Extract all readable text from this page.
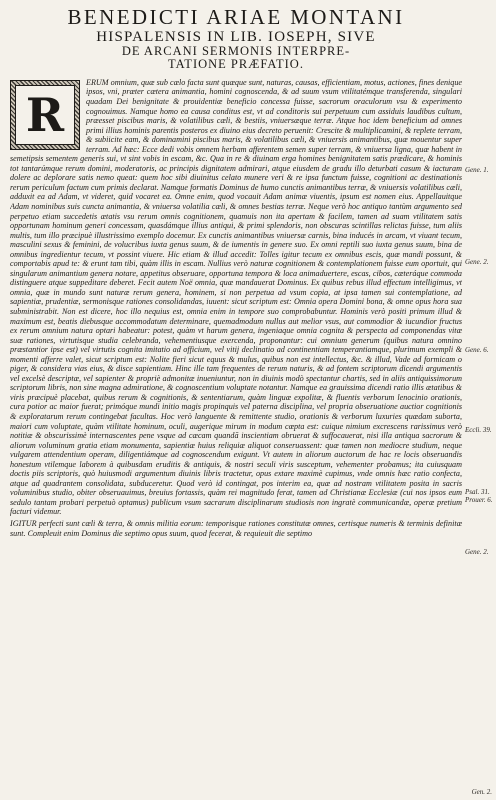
BENEDICTI ARIAE MONTANI
HISPALENSIS IN LIB. IOSEPH, SIVE
DE ARCANI SERMONIS INTERPRE-
TATIONE PRÆFATIO.
R

ERUM omnium, quæ sub cælo facta sunt quæque sunt, naturas, causas, efficientiam, motus, actiones, fines denique ipsos, vni, præter cætera animantia, homini cognoscenda, & ad suum vsum vtilitatémque transferenda, singulari quadam Dei benignitate & prouidentiæ beneficio concessa fuisse, sacrorum oraculorum vsu & experimento cognouimus. Namque homo ea causa conditus est, vt ad conditoris sui perpetuum cum assiduis laudibus cultum, præesset piscibus maris, & volatilibus cæli, & bestiis, vniuersæque terræ. Atque hoc idem beneficium ad omnes primi illius hominis parentis posteros ex diuino eius decreto peruenit: Crescite & multiplicamini, & replete terram, & subiicite eam, & dominamini piscibus maris, & volatilibus cæli, & vniuersis animantibus, quæ mouentur super terram. Ad hæc: Ecce dedi vobis omnem herbam afferentem semen super terram, & vniuersa ligna, quæ habent in semetipsis sementem generis sui, vt sint vobis in escam, &c. Qua in re & diuinam erga homines benignitatem satis prædicare, & hominis tot tantarúmque rerum domini, moderatoris, ac principis dignitatem admirari, atque eiusdem de gradu illo deturbati casum & iacturam dolere ac deplorare satis nemo queat: quem hoc sibi diuinitus celato munere veri & re ipsa functum fuisse, cognitioni ac destinationis rerum periculum factum cum primis declarat. Namque formatis Dominus de humo cunctis animantibus terræ, & vniuersis volatilibus cæli, adduxit ea ad Adam, vt videret, quid vocaret ea. Omne enim, quod vocauit Adam animæ viuentis, ipsum est nomen eius. Appellauitque Adam nominibus suis cuncta animantia, & vniuersa volatilia cæli, & omnes bestias terræ. Neque verò hoc antiquo tantùm argumento sed perpetuo etiam succedetis ætatis vsu rerum omnis cognitionem, quamuis non ita apertam & facilem, tamen ad suam vtilitatem satis opportunam hominum generi concessam, quasdámque illius antiqui, & primi splendoris, non obscuras scintillas relictas fuisse, tum aliis multis, tum illo præcipuè illustrissimo exemplo docemur. Ex cunctis animantibus vniuersæ carnis, bina inducés in arcam, vt viuant tecum, masculini sexus & feminini, de volucribus iuxta genus suum, & de iumentis in genere suo. Ex omni reptili suo iuxta genus suum, bina de omnibus ingredientur tecum, vt possint viuere. Hic etiam & illud accedit: Tolles igitur tecum ex omnibus escis, quæ mandi possunt, & comportabis apud te: & erunt tam tibi, quàm illis in escam. Nullius verò naturæ cognitionem & contemplationem fuisse eum oportuit, qui singularum animantium genera notare, appetitus obseruare, opportuna tempora & loca animaduertere, escas, cibos, cæteráque commoda distinguere atque suppeditare deberet. Fecit autem Noë omnia, quæ mandauerat Dominus. Ex quibus rebus illud effectum intelligimus, vt omnia, quæ in mundo sunt naturæ rerum genera, hominem, si non perpetua ad vsum copia, at ipsa tamen sui contemplatione, ad sapientiæ, prudentiæ, sermonisque rationes consolidandas, iuuent: sicut scriptum est: Omnia opera Domini bona, & omne opus hora sua subministrabit. Non est dicere, hoc illo nequius est, omnia enim in tempore suo comprobabuntur. Hominis verò positi primum illud & maximum est, beatis diebusque accommodatum determinare, quemadmodum nullus aut melior vsus, aut commodior & iucundior fructus ex rerum omnium natura optari habeatur: potest, quàm vt harum genera, ingeniaque omnia cognita & perspecta ad componendas vitæ suæ rationes, virtutisque studia celebranda, vehementiusque exercenda, proponantur: cui omnium generum (quibus natura omnino præstantior ipse est) vel virtutis cognita imitatio ad officium, vel vitij declinatio ad continentiam temperantiamque, plurimum exempli & momenti afferre valet, sicut scriptum est: Nolite fieri sicut equus & mulus, quibus non est intellectus, &c. & illud, Vade ad formicam o piger, & considera vias eius, & disce sapientiam. Hinc ille tam frequentes de rerum naturis, & ad fontem scriptorum dicendi argumentis vel excelsè descriptæ, vel sapienter & propriè admonitæ inueniuntur, non in diuinis modò spectantur chartis, sed in aliis antiquissimorum scriptorum libris, non sine magna admiratione, & cognoscentium voluptate notantur. Namque ea grauissima dicendi ratio illis ætatibus & viris præcipuè placebat, quibus rerum & cognitionis, & sententiarum, quàm linguæ expolitæ, & fluentis verborum lenocinio orationis, cura potior ac maior fuerat; primóque mundi initio magis propinquis vel paterna disciplina, vel propria obseruatione auctior cognitionis & exploratarum rerum contingebat facultas. Hoc verò languente & remittente studio, orationis & verborum luxuries quædam suborta, maiori cum voluptate, quàm vtilitate hominum, oculi, augerique mirum in modum cœpta est: cuique nimium excrescens rarissimus verò notitiæ & obscurissimè internascentes pene vsque ad cæcam quandā inscientiam obruerat & suffocauerat, nisi illa antiqua sacrorum & aliorum voluminum gratia etiam monumenta, sapientiæ huius reliquiæ aliquot conseruassent: quæ tamen non mediocre studium, neque vulgarem attendentium operam, diligentiámque ad cognoscendum exigunt. Vt autem in aliorum auctorum de hac re locis obseruandis honestum vtilemque laborem à quibusdam eruditis & antiquis, & nostri seculi viris susceptum, vehementer probamus; ita cuiusquam doctis piis scriptoris, quò huiusmodi argumentum diuinis libris tractetur, opus extare maximè cupimus, vnde omnis hæc ratio confecta, atque ad quadrantem consolidata, subduceretur. Quod verò id contingat, pos interim ea, quæ ad nostram vtilitatem posita in sacris voluminibus studio, obiter obseruauimus, breuius fortassis, quàm rei magnitudo ferat, tamen ad Christianæ Ecclesiæ (cui nos ipsos eum sedulo tantam probari perpetuò optamus) publicum vsum sacrarum disciplinarum studiosis non ingratè communicandæ, operæ pretium facturi videmur.

IGITUR perfecti sunt cæli & terra, & omnis militia eorum: temporisque rationes constitutæ omnes, certisque numeris & terminis definitæ sunt. Compleuit enim Dominus die septimo opus suum, quod fecerat, & requieuit die septimo

Gene. 1.
Gene. 2.
Gene. 6.
Eccli. 39.
Psal. 31. Prouer. 6.
Gene. 2.
Gen. 2.
